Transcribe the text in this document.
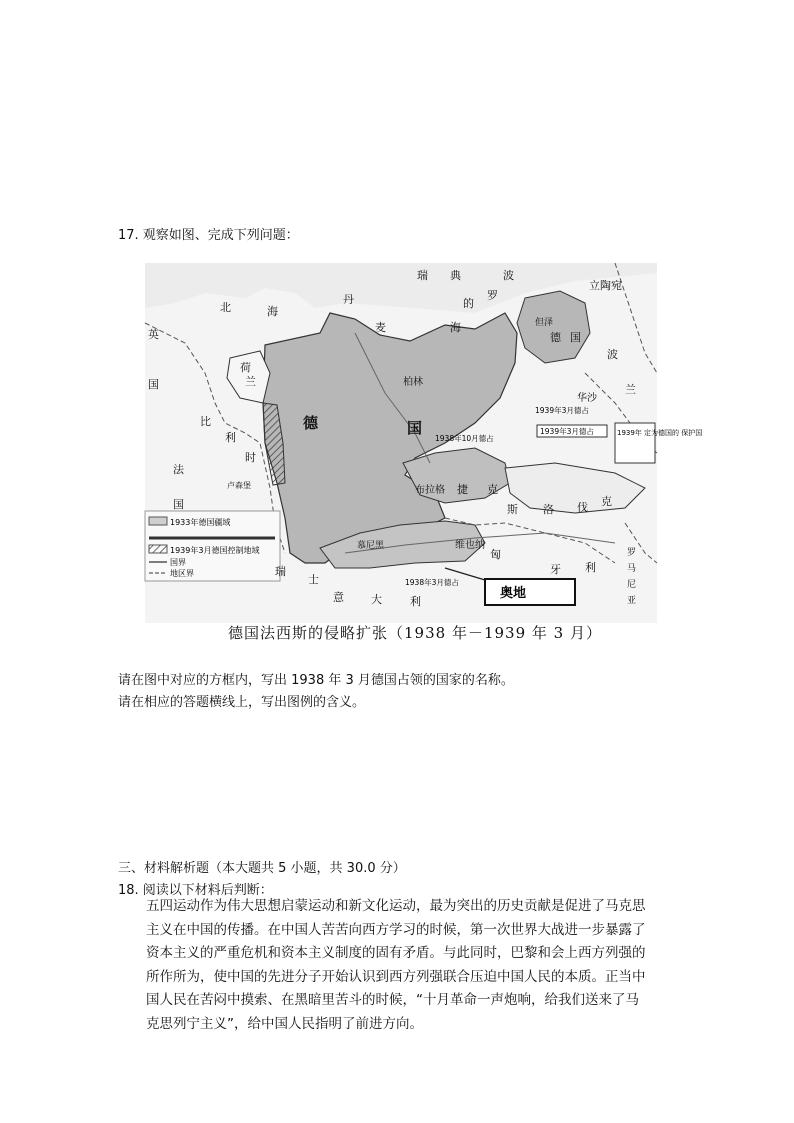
17. 观察如图、完成下列问题：
1933年德国疆域
1939年3月德国控制地域
国界
地区界
丹
麦
瑞 典
立陶宛
波
罗
的
海
北	海
英
国
荷
兰
比
利
时
卢森堡
法
国
瑞
士
意 大	利
德	国
柏林
但泽
德 国
波
兰
华沙
布拉格 捷 克
斯 洛 伐 克
慕尼黑	维也纳
匈
牙 利
罗
马
尼
亚
1939年3月德占
1938年10月德占
1939年3月德占
1939年 定为德国的 保护国
1938年3月德占
奥地
德国法西斯的侵略扩张（1938 年－1939 年 3 月）
请在图中对应的方框内，写出 1938 年 3 月德国占领的国家的名称。
请在相应的答题横线上，写出图例的含义。
三、材料解析题（本大题共 5 小题，共 30.0 分）
18. 阅读以下材料后判断：
五四运动作为伟大思想启蒙运动和新文化运动，最为突出的历史贡献是促进了马克思
主义在中国的传播。在中国人苦苦向西方学习的时候，第一次世界大战进一步暴露了
资本主义的严重危机和资本主义制度的固有矛盾。与此同时，巴黎和会上西方列强的
所作所为，使中国的先进分子开始认识到西方列强联合压迫中国人民的本质。正当中
国人民在苦闷中摸索、在黑暗里苦斗的时候，“十月革命一声炮响，给我们送来了马
克思列宁主义”，给中国人民指明了前进方向。
